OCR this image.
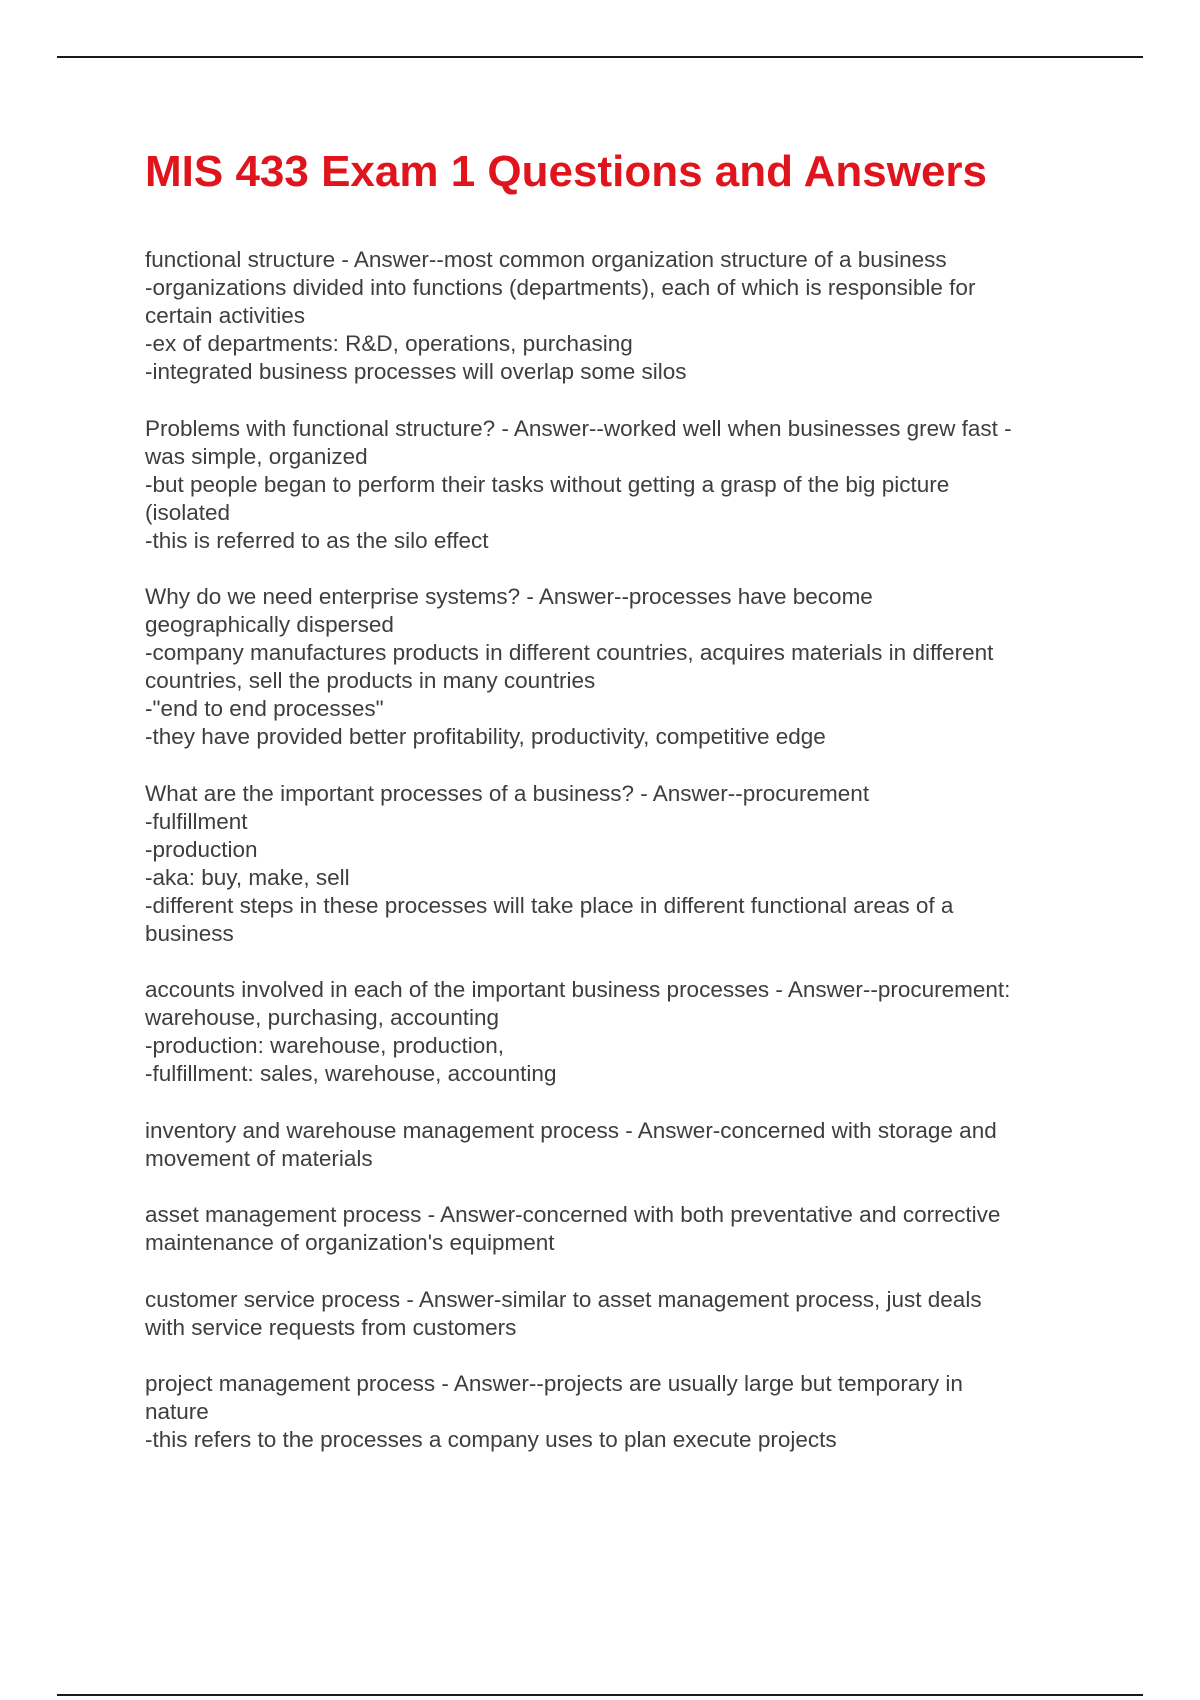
MIS 433 Exam 1 Questions and Answers
functional structure - Answer--most common organization structure of a business
-organizations divided into functions (departments), each of which is responsible for
certain activities
-ex of departments: R&D, operations, purchasing
-integrated business processes will overlap some silos
Problems with functional structure? - Answer--worked well when businesses grew fast -
was simple, organized
-but people began to perform their tasks without getting a grasp of the big picture
(isolated
-this is referred to as the silo effect
Why do we need enterprise systems? - Answer--processes have become
geographically dispersed
-company manufactures products in different countries, acquires materials in different
countries, sell the products in many countries
-"end to end processes"
-they have provided better profitability, productivity, competitive edge
What are the important processes of a business? - Answer--procurement
-fulfillment
-production
-aka: buy, make, sell
-different steps in these processes will take place in different functional areas of a
business
accounts involved in each of the important business processes - Answer--procurement:
warehouse, purchasing, accounting
-production: warehouse, production,
-fulfillment: sales, warehouse, accounting
inventory and warehouse management process - Answer-concerned with storage and
movement of materials
asset management process - Answer-concerned with both preventative and corrective
maintenance of organization's equipment
customer service process - Answer-similar to asset management process, just deals
with service requests from customers
project management process - Answer--projects are usually large but temporary in
nature
-this refers to the processes a company uses to plan execute projects
